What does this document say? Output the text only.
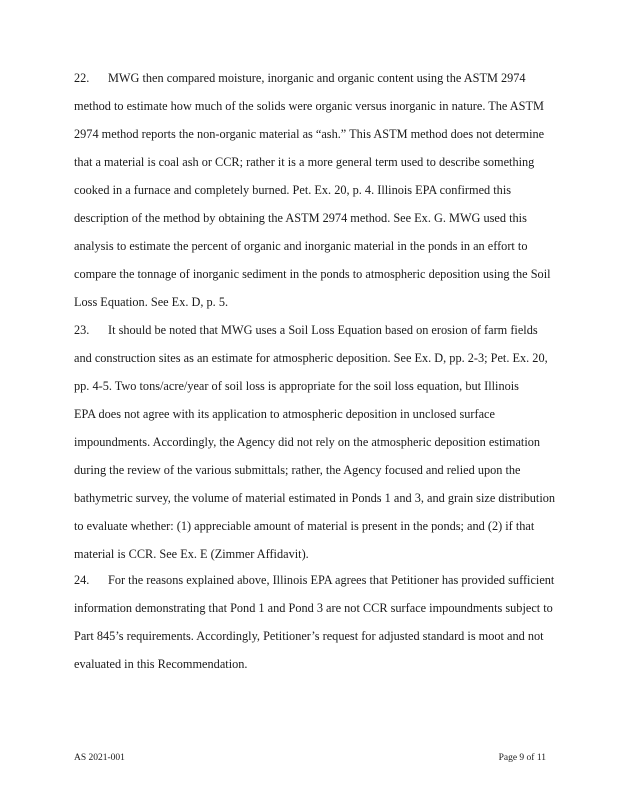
22. MWG then compared moisture, inorganic and organic content using the ASTM 2974
method to estimate how much of the solids were organic versus inorganic in nature. The ASTM
2974 method reports the non-organic material as “ash.” This ASTM method does not determine
that a material is coal ash or CCR; rather it is a more general term used to describe something
cooked in a furnace and completely burned. Pet. Ex. 20, p. 4. Illinois EPA confirmed this
description of the method by obtaining the ASTM 2974 method. See Ex. G. MWG used this
analysis to estimate the percent of organic and inorganic material in the ponds in an effort to
compare the tonnage of inorganic sediment in the ponds to atmospheric deposition using the Soil
Loss Equation. See Ex. D, p. 5.
23. It should be noted that MWG uses a Soil Loss Equation based on erosion of farm fields
and construction sites as an estimate for atmospheric deposition. See Ex. D, pp. 2-3; Pet. Ex. 20,
pp. 4-5. Two tons/acre/year of soil loss is appropriate for the soil loss equation, but Illinois
EPA does not agree with its application to atmospheric deposition in unclosed surface
impoundments. Accordingly, the Agency did not rely on the atmospheric deposition estimation
during the review of the various submittals; rather, the Agency focused and relied upon the
bathymetric survey, the volume of material estimated in Ponds 1 and 3, and grain size distribution
to evaluate whether: (1) appreciable amount of material is present in the ponds; and (2) if that
material is CCR. See Ex. E (Zimmer Affidavit).
24. For the reasons explained above, Illinois EPA agrees that Petitioner has provided sufficient
information demonstrating that Pond 1 and Pond 3 are not CCR surface impoundments subject to
Part 845’s requirements. Accordingly, Petitioner’s request for adjusted standard is moot and not
evaluated in this Recommendation.
AS 2021-001	Page 9 of 11
